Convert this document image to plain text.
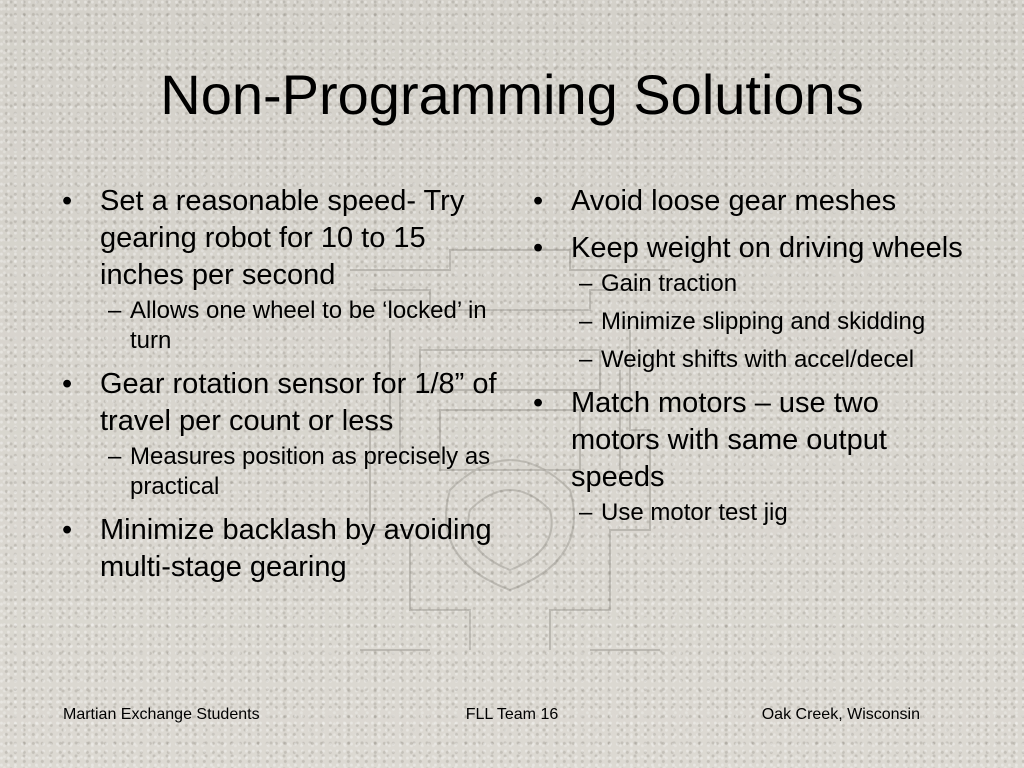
Non-Programming Solutions
• Set a reasonable speed- Try gearing robot for 10 to 15 inches per second
– Allows one wheel to be ‘locked’ in turn
• Gear rotation sensor for 1/8” of travel per count or less
– Measures position as precisely as practical
• Minimize backlash by avoiding multi-stage gearing
• Avoid loose gear meshes
• Keep weight on driving wheels
– Gain traction
– Minimize slipping and skidding
– Weight shifts with accel/decel
• Match motors – use two motors with same output speeds
– Use motor test jig
Martian Exchange Students	FLL Team 16	Oak Creek, Wisconsin
